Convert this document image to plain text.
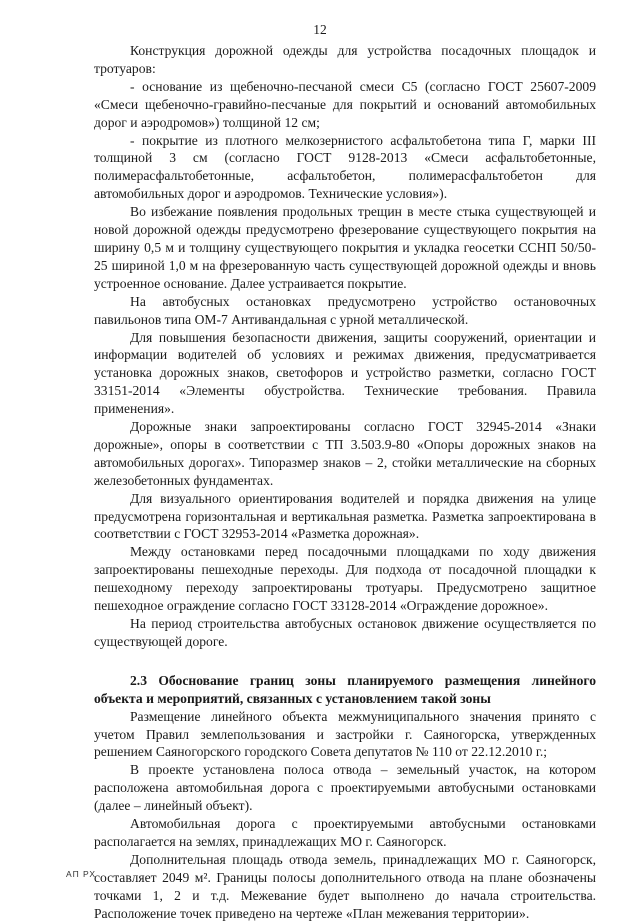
12

Конструкция дорожной одежды для устройства посадочных площадок и тротуаров:

- основание из щебеночно-песчаной смеси С5 (согласно ГОСТ 25607-2009 «Смеси щебеночно-гравийно-песчаные для покрытий и оснований автомобильных дорог и аэродромов») толщиной 12 см;

- покрытие из плотного мелкозернистого асфальтобетона типа Г, марки III толщиной 3 см (согласно ГОСТ 9128-2013 «Смеси асфальтобетонные, полимерасфальтобетонные, асфальтобетон, полимерасфальтобетон для автомобильных дорог и аэродромов. Технические условия»).

Во избежание появления продольных трещин в месте стыка существующей и новой дорожной одежды предусмотрено фрезерование существующего покрытия на ширину 0,5 м и толщину существующего покрытия и укладка геосетки ССНП 50/50-25 шириной 1,0 м на фрезерованную часть существующей дорожной одежды и вновь устроенное основание. Далее устраивается покрытие.

На автобусных остановках предусмотрено устройство остановочных павильонов типа ОМ-7 Антивандальная с урной металлической.

Для повышения безопасности движения, защиты сооружений, ориентации и информации водителей об условиях и режимах движения, предусматривается установка дорожных знаков, светофоров и устройство разметки, согласно ГОСТ 33151-2014 «Элементы обустройства. Технические требования. Правила применения».

Дорожные знаки запроектированы согласно ГОСТ 32945-2014 «Знаки дорожные», опоры в соответствии с ТП 3.503.9-80 «Опоры дорожных знаков на автомобильных дорогах». Типоразмер знаков – 2, стойки металлические на сборных железобетонных фундаментах.

Для визуального ориентирования водителей и порядка движения на улице предусмотрена горизонтальная и вертикальная разметка. Разметка запроектирована в соответствии с ГОСТ 32953-2014 «Разметка дорожная».

Между остановками перед посадочными площадками по ходу движения запроектированы пешеходные переходы. Для подхода от посадочной площадки к пешеходному переходу запроектированы тротуары. Предусмотрено защитное пешеходное ограждение согласно ГОСТ 33128-2014 «Ограждение дорожное».

На период строительства автобусных остановок движение осуществляется по существующей дороге.

2.3 Обоснование границ зоны планируемого размещения линейного объекта и мероприятий, связанных с установлением такой зоны

Размещение линейного объекта межмуниципального значения принято с учетом Правил землепользования и застройки г. Саяногорска, утвержденных решением Саяногорского городского Совета депутатов № 110 от 22.12.2010 г.;

В проекте установлена полоса отвода – земельный участок, на котором расположена автомобильная дорога с проектируемыми автобусными остановками (далее – линейный объект).

Автомобильная дорога с проектируемыми автобусными остановками располагается на землях, принадлежащих МО г. Саяногорск.

Дополнительная площадь отвода земель, принадлежащих МО г. Саяногорск, составляет 2049 м². Границы полосы дополнительного отвода на плане обозначены точками 1, 2 и т.д. Межевание будет выполнено до начала строительства. Расположение точек приведено на чертеже «План межевания территории».

АП РХ
